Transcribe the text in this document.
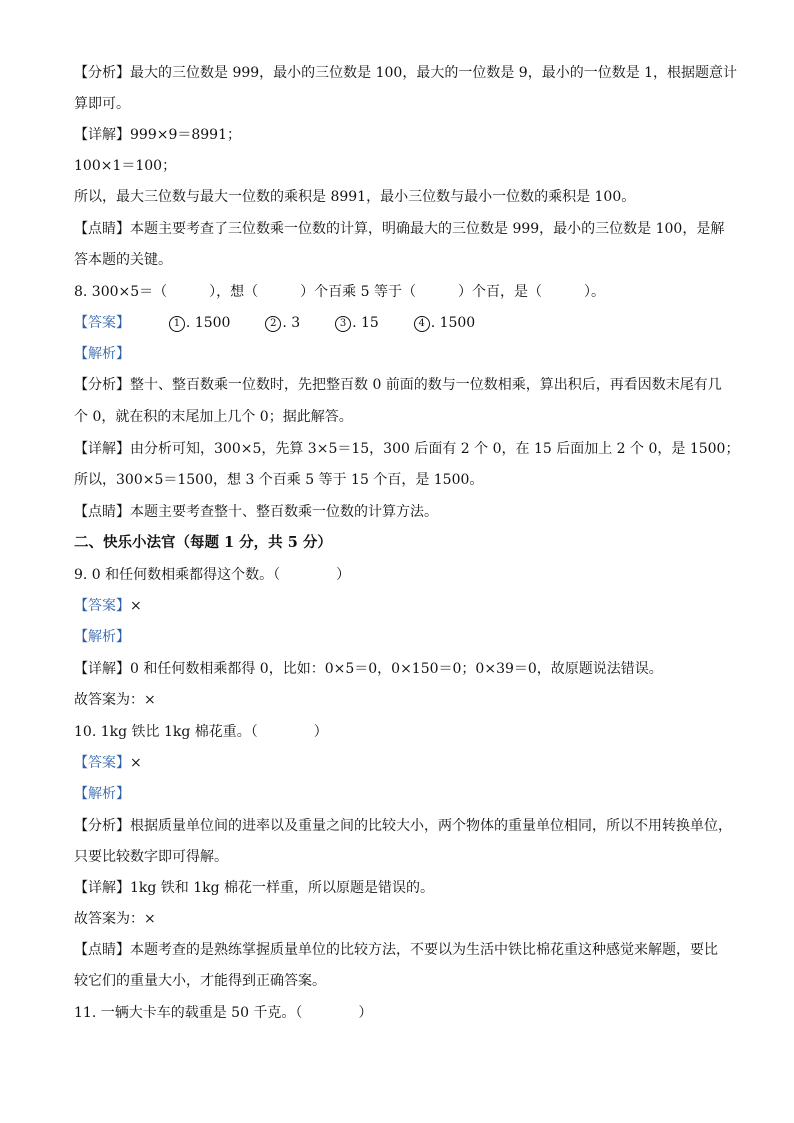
【分析】最大的三位数是 999，最小的三位数是 100，最大的一位数是 9，最小的一位数是 1，根据题意计
算即可。
【详解】999×9＝8991；
100×1＝100；
所以，最大三位数与最大一位数的乘积是 8991，最小三位数与最小一位数的乘积是 100。
【点睛】本题主要考查了三位数乘一位数的计算，明确最大的三位数是 999，最小的三位数是 100，是解
答本题的关键。
8. 300×5＝（　　　），想（　　　）个百乘 5 等于（　　　）个百，是（　　　）。
【答案】	1 . 1500	2 . 3	3 . 15	4 . 1500
【解析】
【分析】整十、整百数乘一位数时，先把整百数 0 前面的数与一位数相乘，算出积后，再看因数末尾有几
个 0，就在积的末尾加上几个 0；据此解答。
【详解】由分析可知，300×5，先算 3×5＝15，300 后面有 2 个 0，在 15 后面加上 2 个 0，是 1500；
所以，300×5＝1500，想 3 个百乘 5 等于 15 个百，是 1500。
【点睛】本题主要考查整十、整百数乘一位数的计算方法。
二、快乐小法官（每题 1 分，共 5 分）
9. 0 和任何数相乘都得这个数。（　　　　）
【答案】×
【解析】
【详解】0 和任何数相乘都得 0，比如：0×5＝0，0×150＝0；0×39＝0，故原题说法错误。
故答案为：×
10. 1kg 铁比 1kg 棉花重。（　　　　）
【答案】×
【解析】
【分析】根据质量单位间的进率以及重量之间的比较大小，两个物体的重量单位相同，所以不用转换单位，
只要比较数字即可得解。
【详解】1kg 铁和 1kg 棉花一样重，所以原题是错误的。
故答案为：×
【点睛】本题考查的是熟练掌握质量单位的比较方法，不要以为生活中铁比棉花重这种感觉来解题，要比
较它们的重量大小，才能得到正确答案。
11. 一辆大卡车的载重是 50 千克。（　　　　）
